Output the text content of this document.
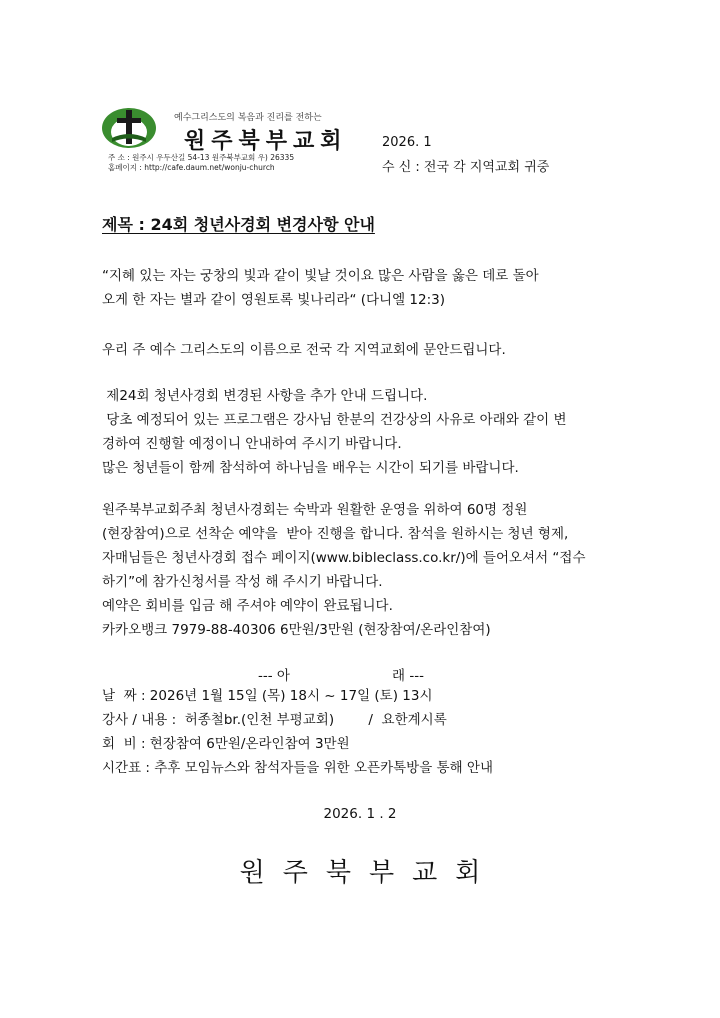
예수그리스도의 복음과 진리를 전하는
원주북부교회
주 소 : 원주시 우두산길 54-13 원주북부교회 우) 26335
홈페이지 : http://cafe.daum.net/wonju-church
2026. 1
수 신 : 전국 각 지역교회 귀중
제목 : 24회 청년사경회 변경사항 안내
“지혜 있는 자는 궁창의 빛과 같이 빛날 것이요 많은 사람을 옳은 데로 돌아
오게 한 자는 별과 같이 영원토록 빛나리라“ (다니엘 12:3)
우리 주 예수 그리스도의 이름으로 전국 각 지역교회에 문안드립니다.
제24회 청년사경회 변경된 사항을 추가 안내 드립니다.
당초 예정되어 있는 프로그램은 강사님 한분의 건강상의 사유로 아래와 같이 변
경하여 진행할 예정이니 안내하여 주시기 바랍니다.
많은 청년들이 함께 참석하여 하나님을 배우는 시간이 되기를 바랍니다.
원주북부교회주최 청년사경회는 숙박과 원활한 운영을 위하여 60명 정원
(현장참여)으로 선착순 예약을  받아 진행을 합니다. 참석을 원하시는 청년 형제,
자매님들은 청년사경회 접수 페이지(www.bibleclass.co.kr/)에 들어오셔서 “접수
하기”에 참가신청서를 작성 해 주시기 바랍니다.
예약은 회비를 입금 해 주셔야 예약이 완료됩니다.
카카오뱅크 7979-88-40306 6만원/3만원 (현장참여/온라인참여)
--- 아	래 ---
날  짜 : 2026년 1월 15일 (목) 18시 ~ 17일 (토) 13시
강사 / 내용 :  허종철br.(인천 부평교회)        /  요한계시록
회  비 : 현장참여 6만원/온라인참여 3만원
시간표 : 추후 모임뉴스와 참석자들을 위한 오픈카톡방을 통해 안내
2026. 1 . 2
원주북부교회
